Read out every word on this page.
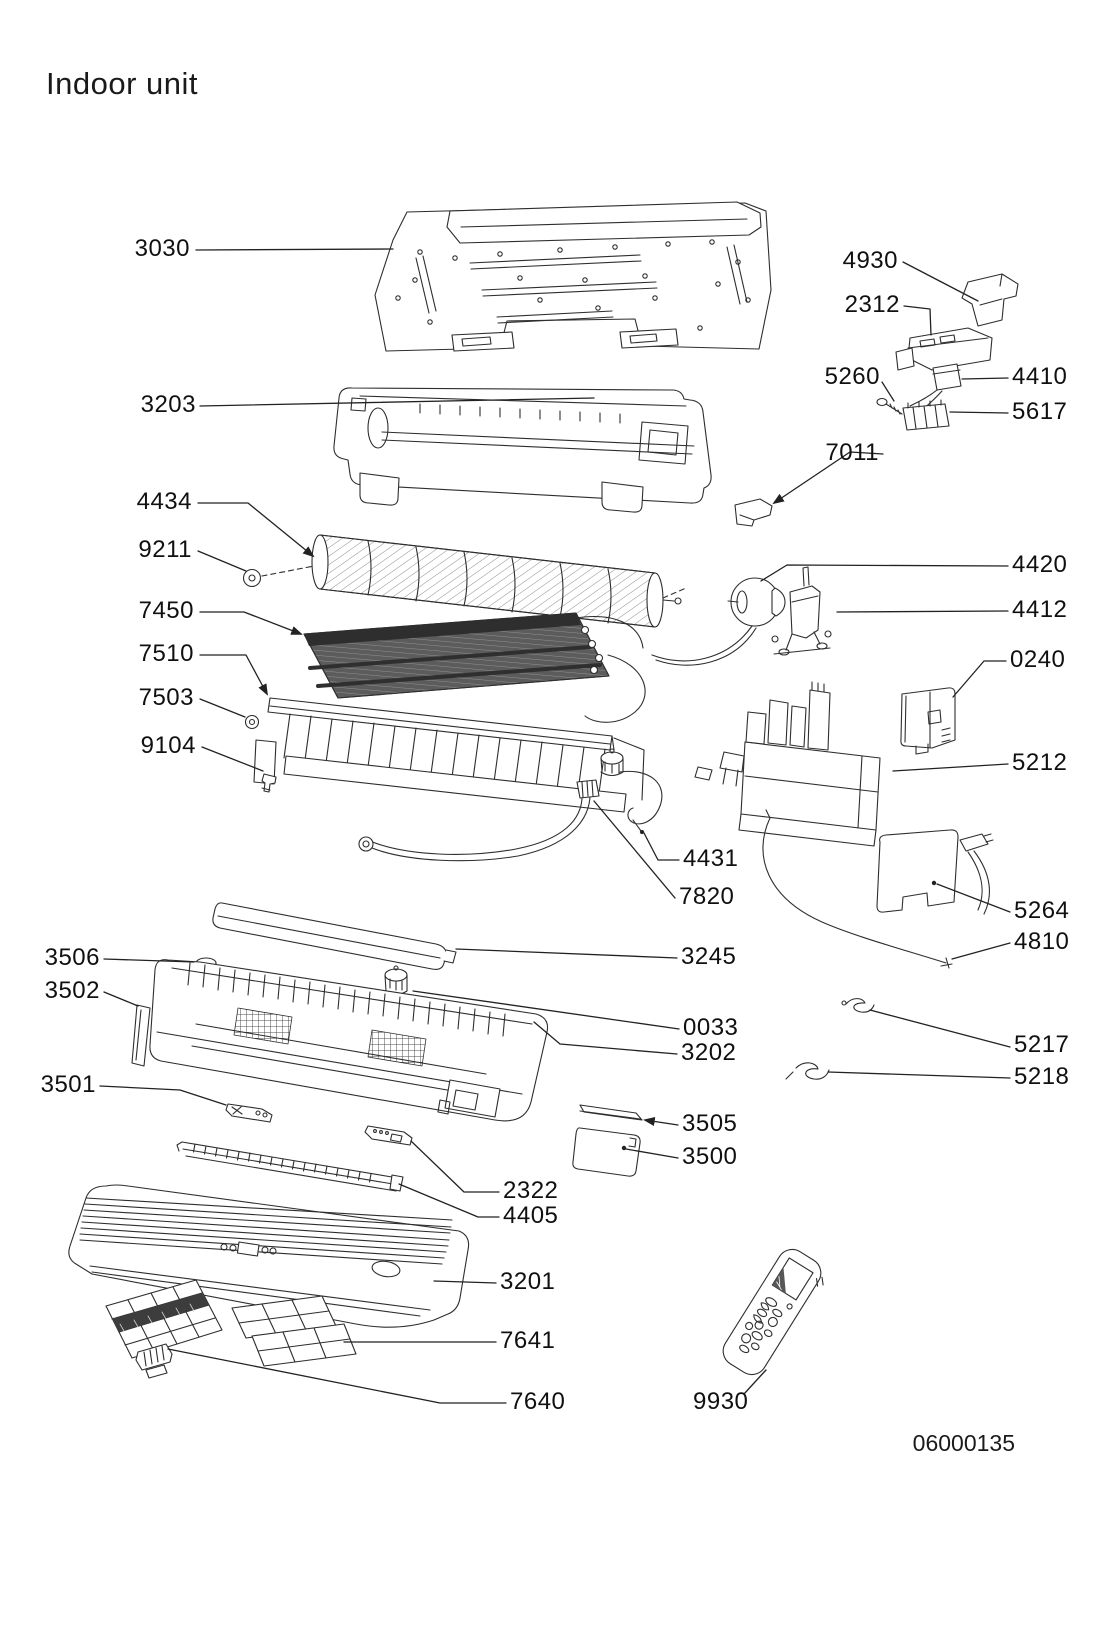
Indoor unit
06000135
3030
3203
4434
9211
7450
7510
7503
9104
3506
3502
3501
4930
2312
5260	4410
5617
7011
4420
4412
0240
5212
5264
4810
5217
5218
4431
7820
3245
0033
3202
3505
3500
2322
4405
3201
7641
7640	9930
